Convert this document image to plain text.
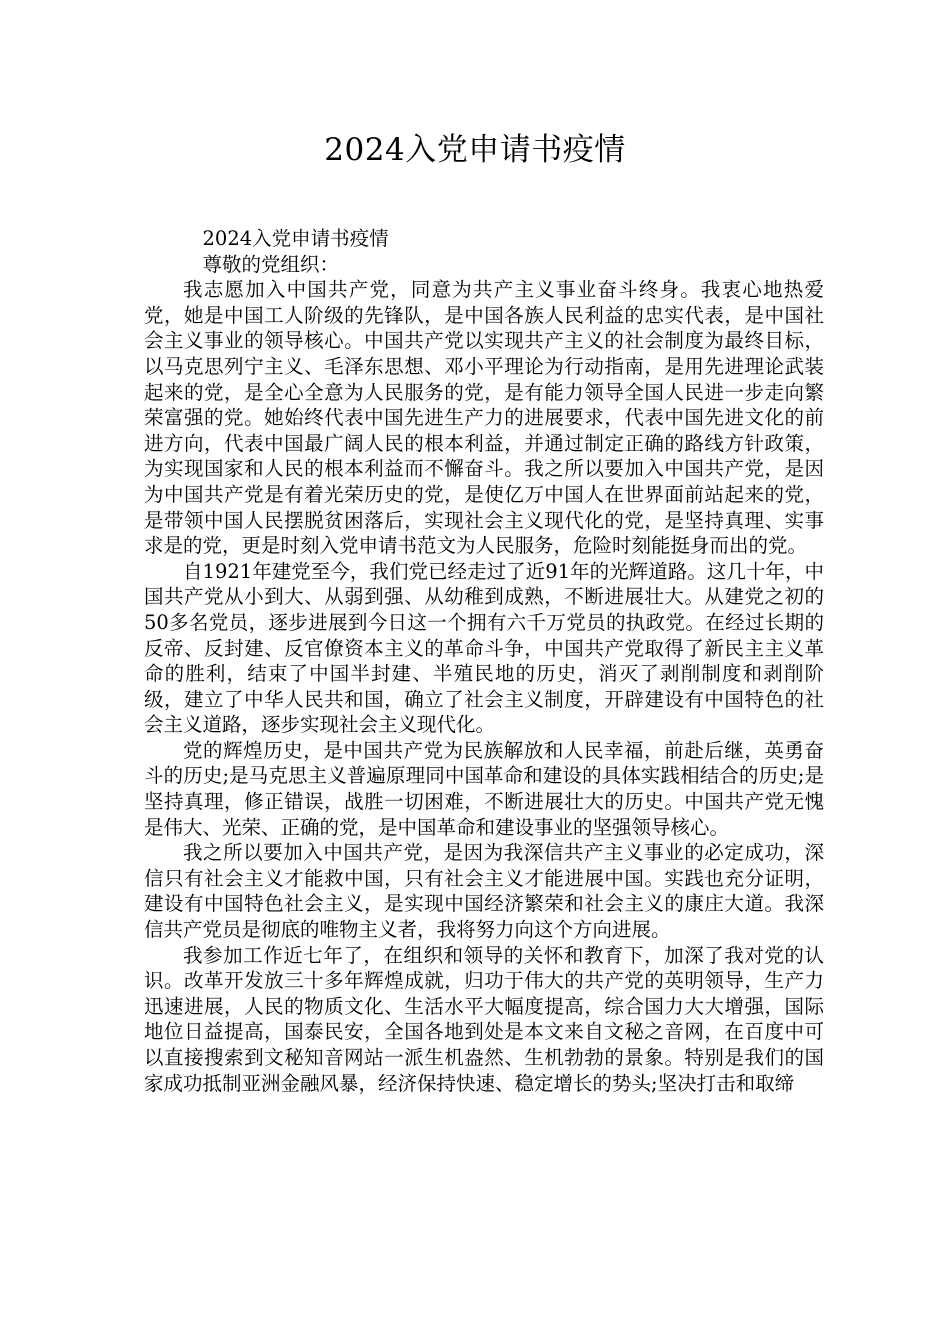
2024入党申请书疫情

2024入党申请书疫情

尊敬的党组织：

我志愿加入中国共产党，同意为共产主义事业奋斗终身。我衷心地热爱党，她是中国工人阶级的先锋队，是中国各族人民利益的忠实代表，是中国社会主义事业的领导核心。中国共产党以实现共产主义的社会制度为最终目标，以马克思列宁主义、毛泽东思想、邓小平理论为行动指南，是用先进理论武装起来的党，是全心全意为人民服务的党，是有能力领导全国人民进一步走向繁荣富强的党。她始终代表中国先进生产力的进展要求，代表中国先进文化的前进方向，代表中国最广阔人民的根本利益，并通过制定正确的路线方针政策，为实现国家和人民的根本利益而不懈奋斗。我之所以要加入中国共产党，是因为中国共产党是有着光荣历史的党，是使亿万中国人在世界面前站起来的党，是带领中国人民摆脱贫困落后，实现社会主义现代化的党，是坚持真理、实事求是的党，更是时刻入党申请书范文为人民服务，危险时刻能挺身而出的党。

自1921年建党至今，我们党已经走过了近91年的光辉道路。这几十年，中国共产党从小到大、从弱到强、从幼稚到成熟，不断进展壮大。从建党之初的50多名党员，逐步进展到今日这一个拥有六千万党员的执政党。在经过长期的反帝、反封建、反官僚资本主义的革命斗争，中国共产党取得了新民主主义革命的胜利，结束了中国半封建、半殖民地的历史，消灭了剥削制度和剥削阶级，建立了中华人民共和国，确立了社会主义制度，开辟建设有中国特色的社会主义道路，逐步实现社会主义现代化。

党的辉煌历史，是中国共产党为民族解放和人民幸福，前赴后继，英勇奋斗的历史;是马克思主义普遍原理同中国革命和建设的具体实践相结合的历史;是坚持真理，修正错误，战胜一切困难，不断进展壮大的历史。中国共产党无愧是伟大、光荣、正确的党，是中国革命和建设事业的坚强领导核心。

我之所以要加入中国共产党，是因为我深信共产主义事业的必定成功，深信只有社会主义才能救中国，只有社会主义才能进展中国。实践也充分证明，建设有中国特色社会主义，是实现中国经济繁荣和社会主义的康庄大道。我深信共产党员是彻底的唯物主义者，我将努力向这个方向进展。

我参加工作近七年了，在组织和领导的关怀和教育下，加深了我对党的认识。改革开发放三十多年辉煌成就，归功于伟大的共产党的英明领导，生产力迅速进展，人民的物质文化、生活水平大幅度提高，综合国力大大增强，国际地位日益提高，国泰民安，全国各地到处是本文来自文秘之音网，在百度中可以直接搜索到文秘知音网站一派生机盎然、生机勃勃的景象。特别是我们的国家成功抵制亚洲金融风暴，经济保持快速、稳定增长的势头;坚决打击和取缔
